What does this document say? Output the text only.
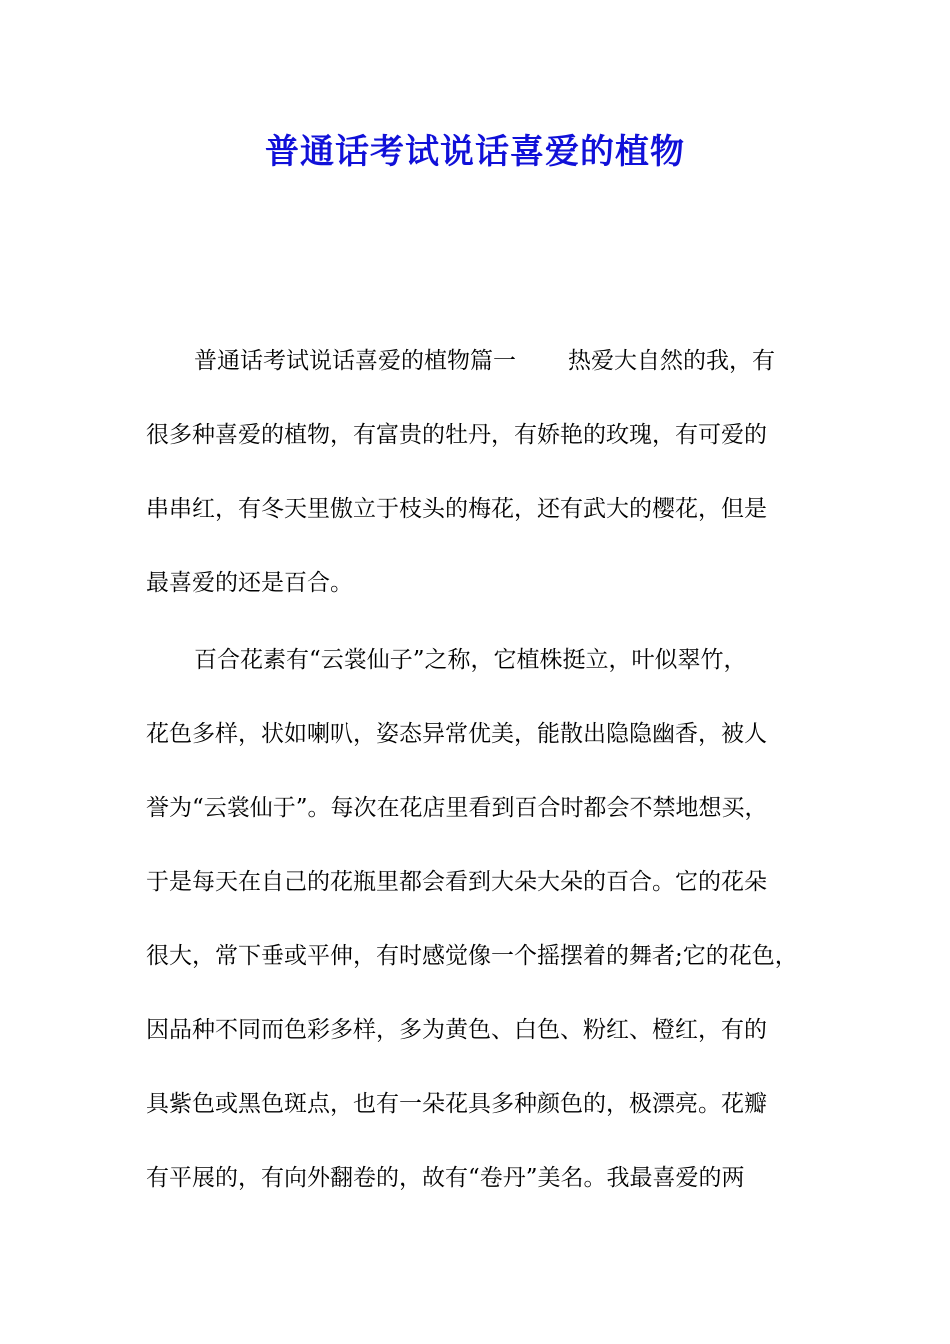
普通话考试说话喜爱的植物
普通话考试说话喜爱的植物篇一 热爱大自然的我，有
很多种喜爱的植物，有富贵的牡丹，有娇艳的玫瑰，有可爱的
串串红，有冬天里傲立于枝头的梅花，还有武大的樱花，但是
最喜爱的还是百合。
百合花素有“云裳仙子”之称，它植株挺立，叶似翠竹，
花色多样，状如喇叭，姿态异常优美，能散出隐隐幽香，被人
誉为“云裳仙于”。每次在花店里看到百合时都会不禁地想买，
于是每天在自己的花瓶里都会看到大朵大朵的百合。它的花朵
很大，常下垂或平伸，有时感觉像一个摇摆着的舞者;它的花色，
因品种不同而色彩多样，多为黄色、白色、粉红、橙红，有的
具紫色或黑色斑点，也有一朵花具多种颜色的，极漂亮。花瓣
有平展的，有向外翻卷的，故有“卷丹”美名。我最喜爱的两
